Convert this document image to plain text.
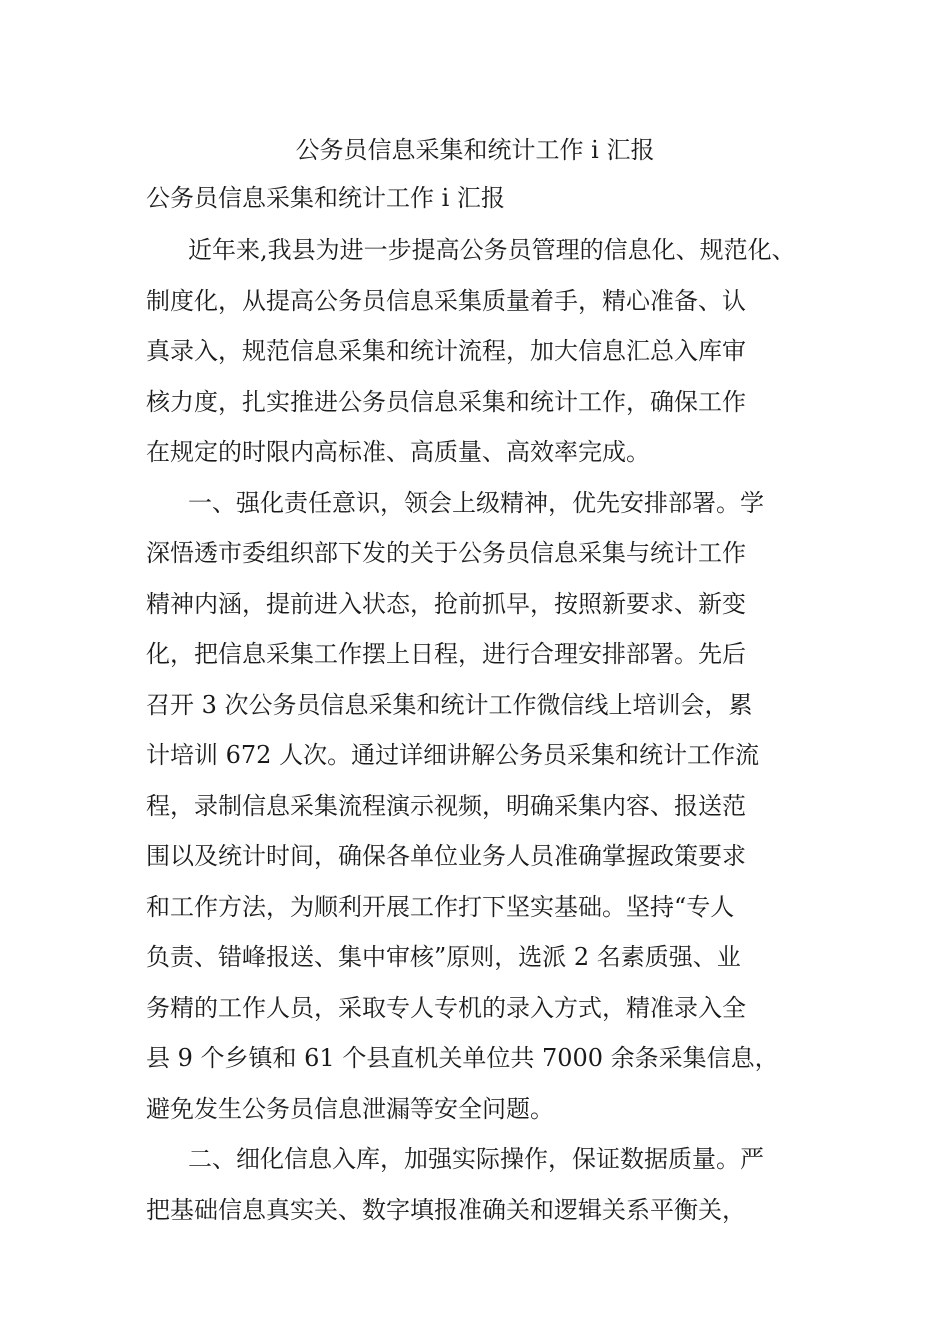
公务员信息采集和统计工作 i 汇报
公务员信息采集和统计工作 i 汇报

近年来,我县为进一步提高公务员管理的信息化、规范化、
制度化，从提高公务员信息采集质量着手，精心准备、认
真录入，规范信息采集和统计流程，加大信息汇总入库审
核力度，扎实推进公务员信息采集和统计工作，确保工作
在规定的时限内高标准、高质量、高效率完成。

一、强化责任意识，领会上级精神，优先安排部署。学
深悟透市委组织部下发的关于公务员信息采集与统计工作
精神内涵，提前进入状态，抢前抓早，按照新要求、新变
化，把信息采集工作摆上日程，进行合理安排部署。先后
召开 3 次公务员信息采集和统计工作微信线上培训会，累
计培训 672 人次。通过详细讲解公务员采集和统计工作流
程，录制信息采集流程演示视频，明确采集内容、报送范
围以及统计时间，确保各单位业务人员准确掌握政策要求
和工作方法，为顺利开展工作打下坚实基础。坚持“专人
负责、错峰报送、集中审核”原则，选派 2 名素质强、业
务精的工作人员，采取专人专机的录入方式，精准录入全
县 9 个乡镇和 61 个县直机关单位共 7000 余条采集信息，
避免发生公务员信息泄漏等安全问题。

二、细化信息入库，加强实际操作，保证数据质量。严
把基础信息真实关、数字填报准确关和逻辑关系平衡关，
